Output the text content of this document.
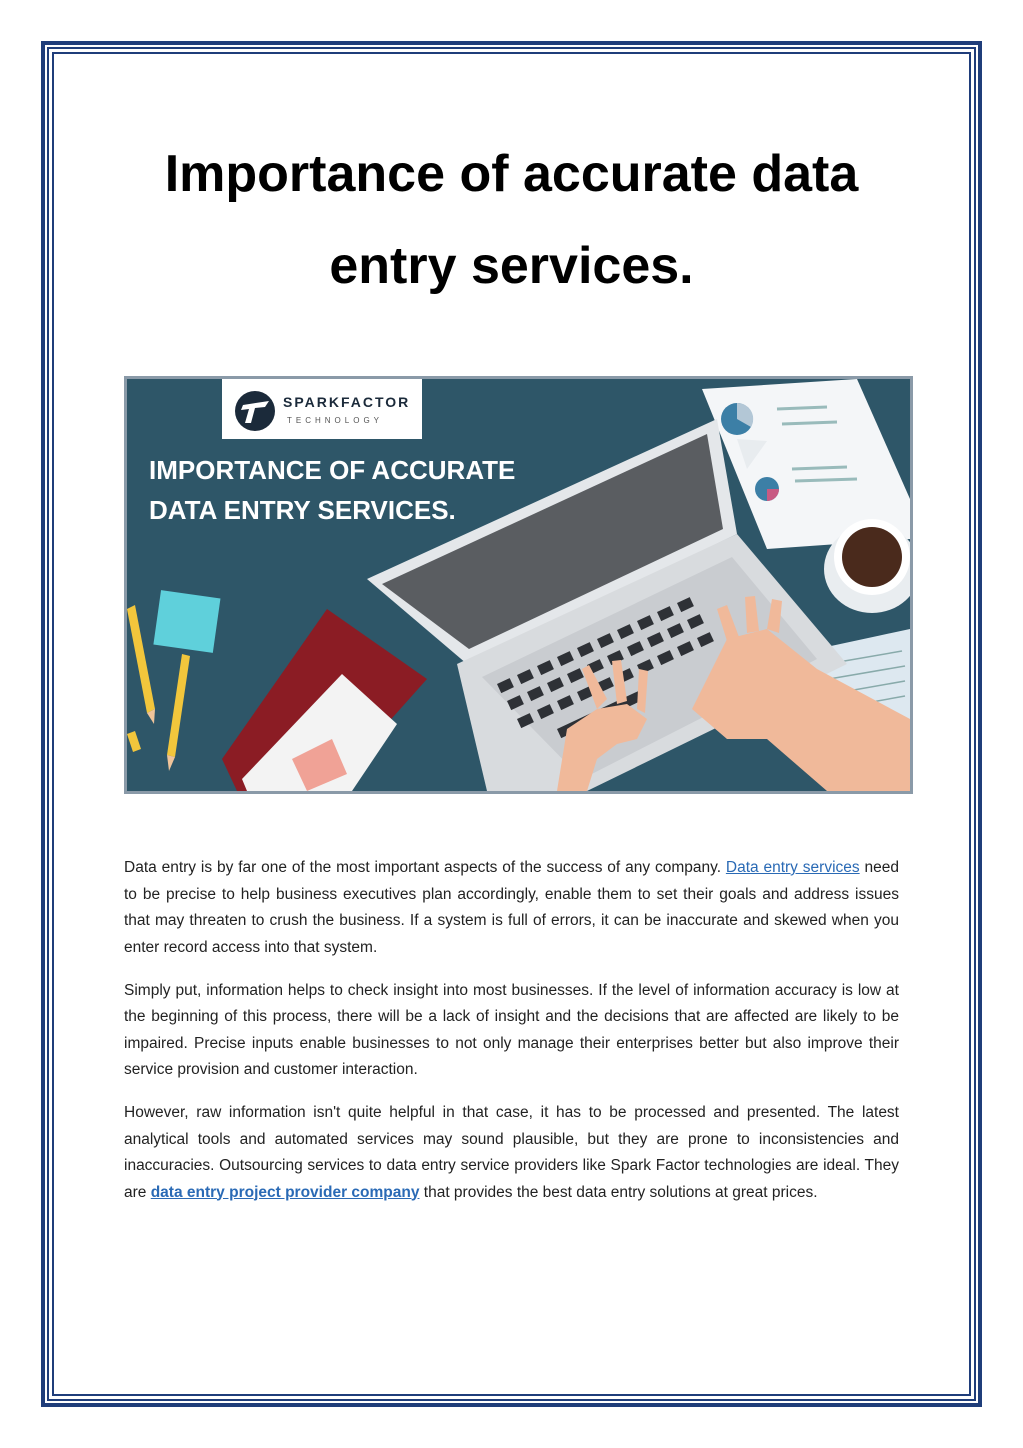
Importance of accurate data entry services.
SPARKFACTOR
TECHNOLOGY
IMPORTANCE OF ACCURATE
DATA ENTRY SERVICES.

Data entry is by far one of the most important aspects of the success of any company. Data entry services need to be precise to help business executives plan accordingly, enable them to set their goals and address issues that may threaten to crush the business. If a system is full of errors, it can be inaccurate and skewed when you enter record access into that system.

Simply put, information helps to check insight into most businesses. If the level of information accuracy is low at the beginning of this process, there will be a lack of insight and the decisions that are affected are likely to be impaired. Precise inputs enable businesses to not only manage their enterprises better but also improve their service provision and customer interaction.

However, raw information isn't quite helpful in that case, it has to be processed and presented. The latest analytical tools and automated services may sound plausible, but they are prone to inconsistencies and inaccuracies. Outsourcing services to data entry service providers like Spark Factor technologies are ideal. They are data entry project provider company that provides the best data entry solutions at great prices.
